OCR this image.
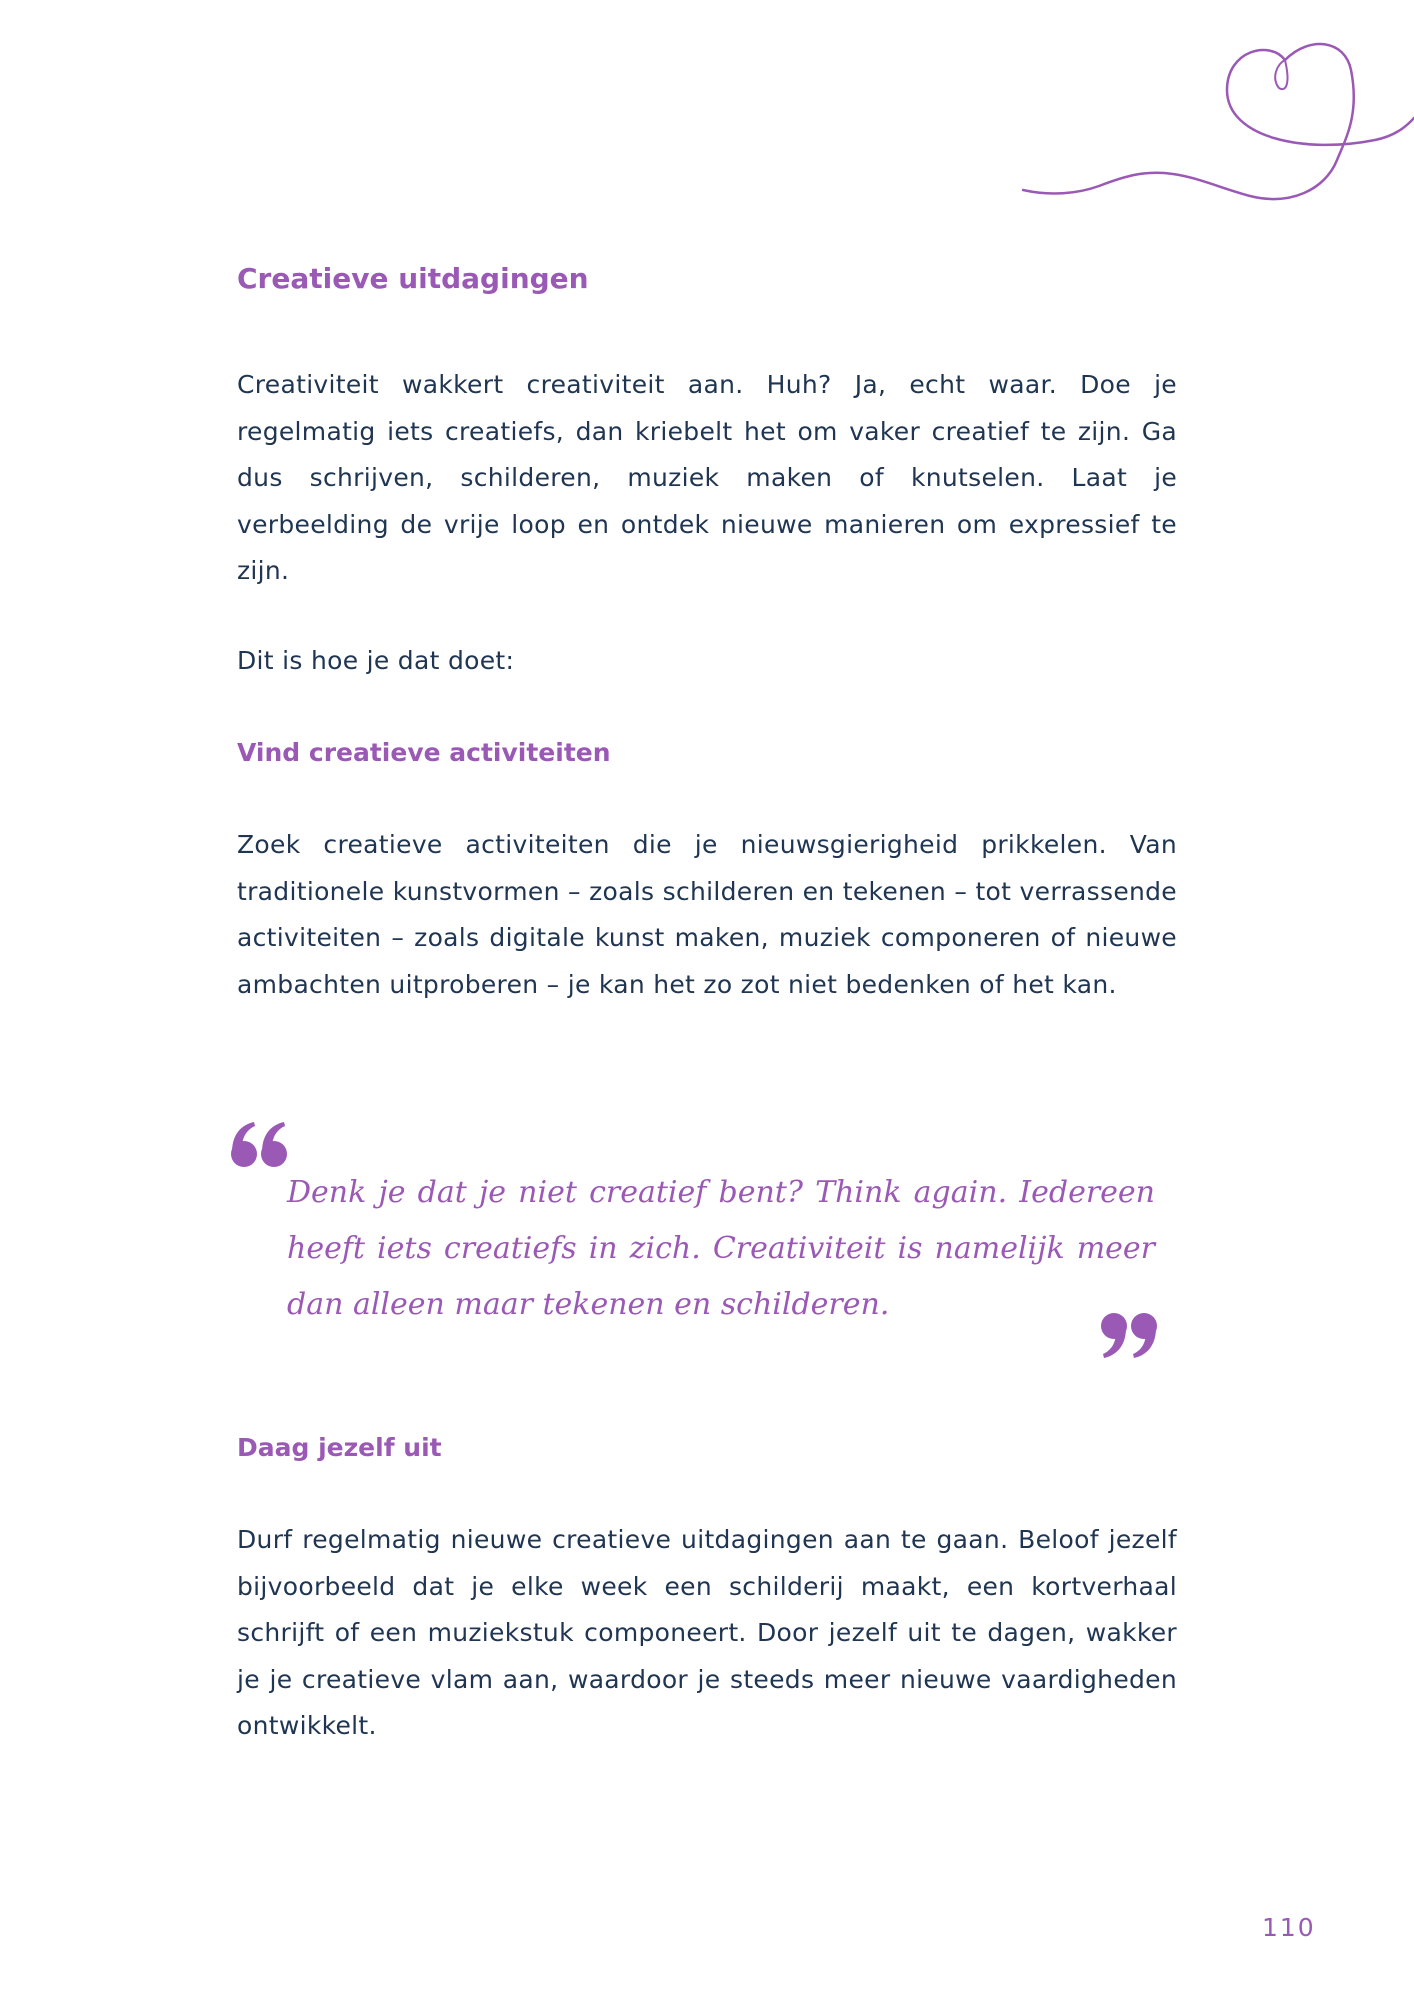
Creatieve uitdagingen

Creativiteit wakkert creativiteit aan. Huh? Ja, echt waar. Doe je regelmatig iets creatiefs, dan kriebelt het om vaker creatief te zijn. Ga dus schrijven, schilderen, muziek maken of knutselen. Laat je verbeelding de vrije loop en ontdek nieuwe manieren om expressief te zijn.

Dit is hoe je dat doet:

Vind creatieve activiteiten

Zoek creatieve activiteiten die je nieuwsgierigheid prikkelen. Van traditionele kunstvormen – zoals schilderen en tekenen – tot verrassende activiteiten – zoals digitale kunst maken, muziek componeren of nieuwe ambachten uitproberen – je kan het zo zot niet bedenken of het kan.

Daag jezelf uit

Durf regelmatig nieuwe creatieve uitdagingen aan te gaan. Beloof jezelf bijvoorbeeld dat je elke week een schilderij maakt, een kortverhaal schrijft of een muziekstuk componeert. Door jezelf uit te dagen, wakker je je creatieve vlam aan, waardoor je steeds meer nieuwe vaardigheden ontwikkelt.

Denk je dat je niet creatief bent? Think again. Iedereen heeft iets creatiefs in zich. Creativiteit is namelijk meer dan alleen maar tekenen en schilderen.

110
